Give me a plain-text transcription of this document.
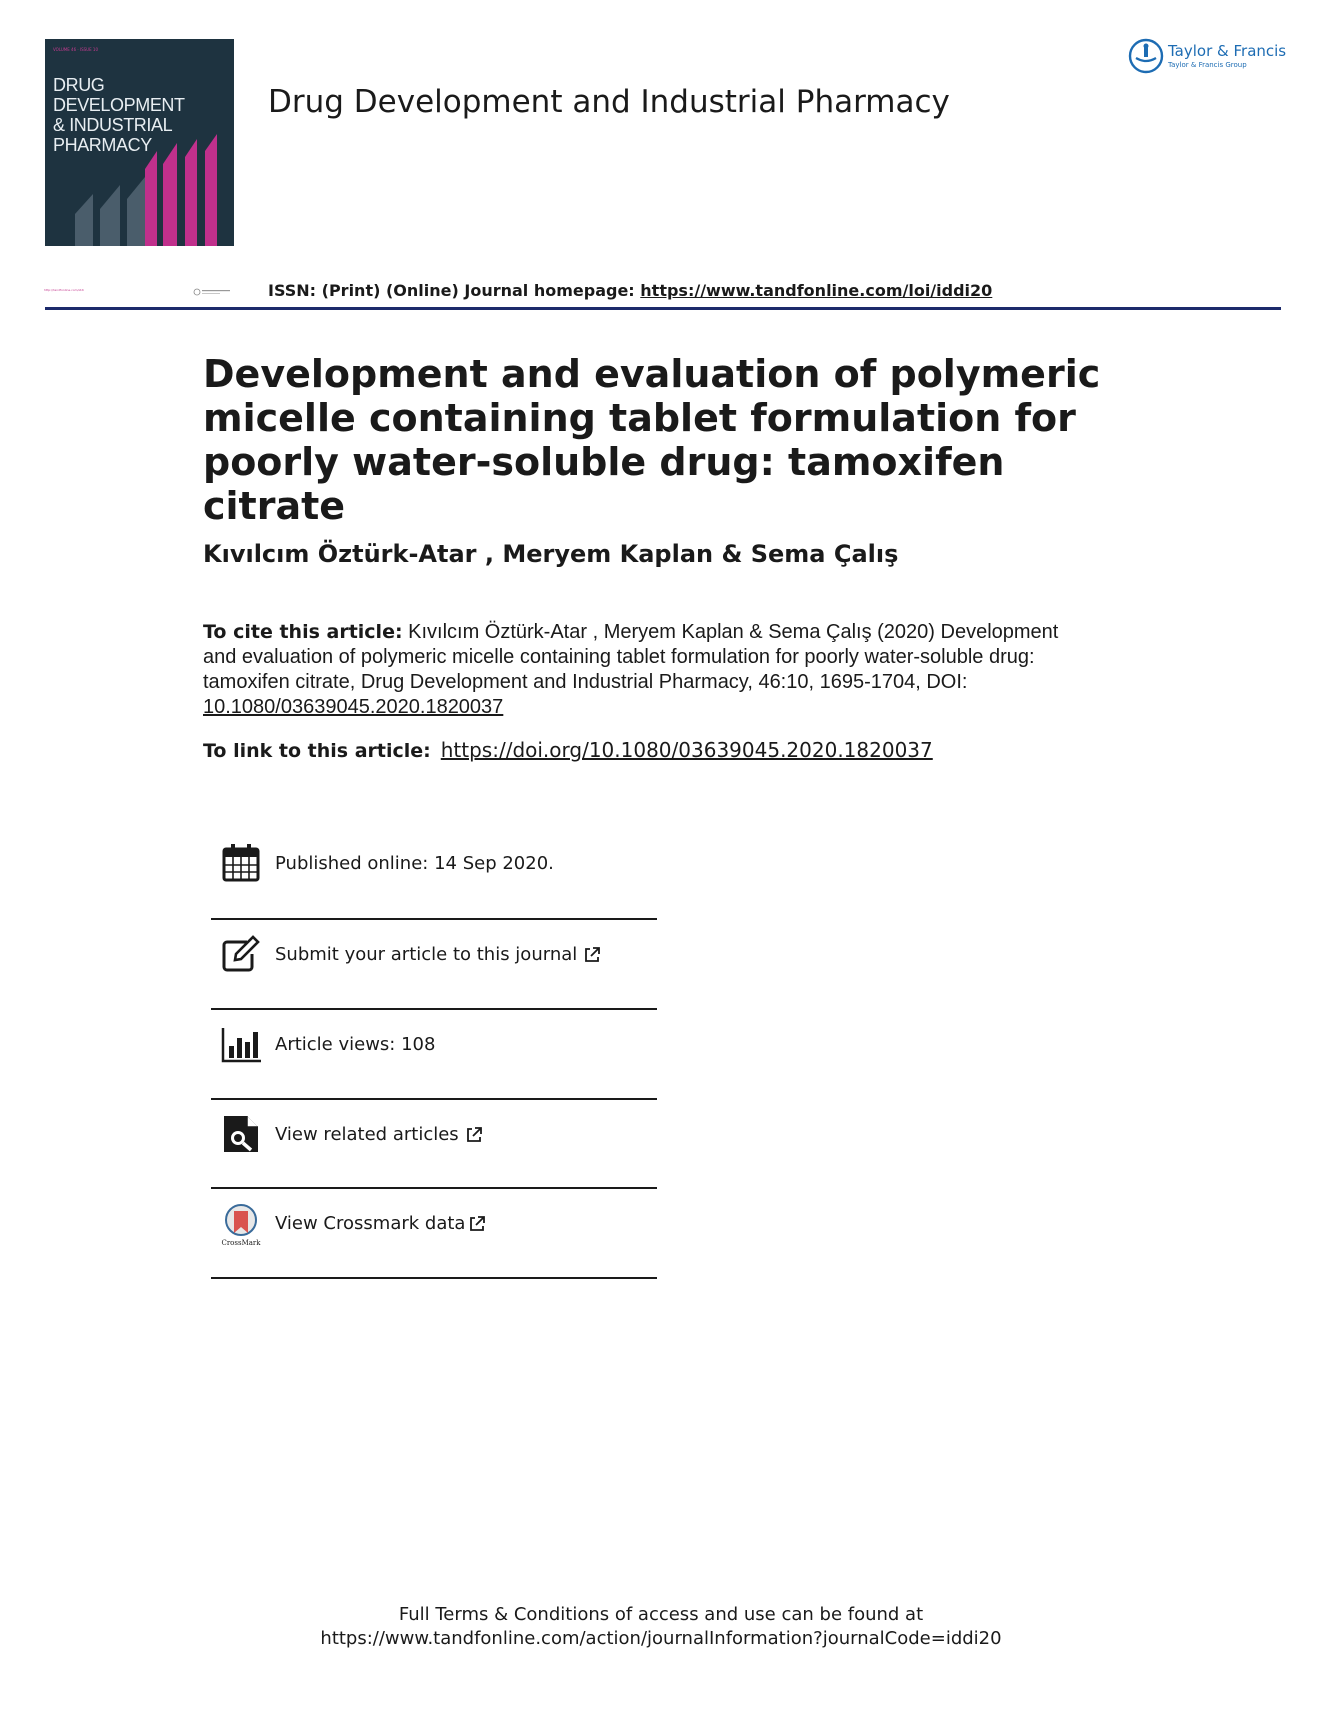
VOLUME 46 · ISSUE 10
DRUG DEVELOPMENT
& INDUSTRIAL
PHARMACY
Drug Development and Industrial Pharmacy
Taylor & Francis
Taylor & Francis Group
http://tandfonline.com/iddi	ISSN: (Print) (Online) Journal homepage: https://www.tandfonline.com/loi/iddi20
Development and evaluation of polymeric micelle containing tablet formulation for poorly water-soluble drug: tamoxifen citrate
Kıvılcım Öztürk-Atar , Meryem Kaplan & Sema Çalış
To cite this article: Kıvılcım Öztürk-Atar , Meryem Kaplan & Sema Çalış (2020) Development and evaluation of polymeric micelle containing tablet formulation for poorly water-soluble drug: tamoxifen citrate, Drug Development and Industrial Pharmacy, 46:10, 1695-1704, DOI: 10.1080/03639045.2020.1820037
To link to this article: https://doi.org/10.1080/03639045.2020.1820037
Published online: 14 Sep 2020.
Submit your article to this journal
Article views: 108
View related articles
CrossMark
View Crossmark data
Full Terms & Conditions of access and use can be found at
https://www.tandfonline.com/action/journalInformation?journalCode=iddi20
